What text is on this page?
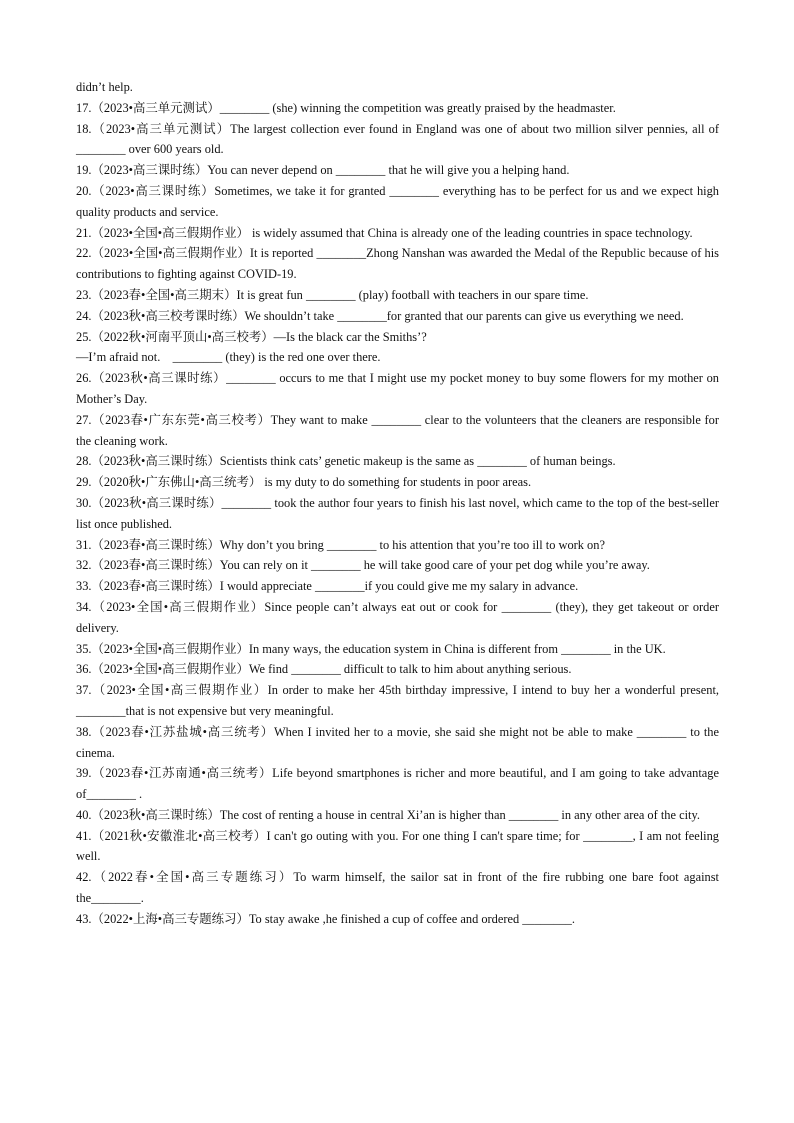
didn’t help.

17.（2023•高三单元测试）________ (she) winning the competition was greatly praised by the headmaster.

18.（2023•高三单元测试）The largest collection ever found in England was one of about two million silver pennies, all of ________ over 600 years old.

19.（2023•高三课时练）You can never depend on ________ that he will give you a helping hand.

20.（2023•高三课时练）Sometimes, we take it for granted ________ everything has to be perfect for us and we expect high quality products and service.

21.（2023•全国•高三假期作业） is widely assumed that China is already one of the leading countries in space technology.

22.（2023•全国•高三假期作业）It is reported ________Zhong Nanshan was awarded the Medal of the Republic because of his contributions to fighting against COVID-19.

23.（2023春•全国•高三期末）It is great fun ________ (play) football with teachers in our spare time.

24.（2023秋•高三校考课时练）We shouldn’t take ________for granted that our parents can give us everything we need.

25.（2022秋•河南平顶山•高三校考）—Is the black car the Smiths’?

—I’m afraid not.    ________ (they) is the red one over there.

26.（2023秋•高三课时练）________ occurs to me that I might use my pocket money to buy some flowers for my mother on Mother’s Day.

27.（2023春•广东东莞•高三校考）They want to make ________ clear to the volunteers that the cleaners are responsible for the cleaning work.

28.（2023秋•高三课时练）Scientists think cats’ genetic makeup is the same as ________ of human beings.

29.（2020秋•广东佛山•高三统考） is my duty to do something for students in poor areas.

30.（2023秋•高三课时练）________ took the author four years to finish his last novel, which came to the top of the best-seller list once published.

31.（2023春•高三课时练）Why don’t you bring ________ to his attention that you’re too ill to work on?

32.（2023春•高三课时练）You can rely on it ________ he will take good care of your pet dog while you’re away.

33.（2023春•高三课时练）I would appreciate ________if you could give me my salary in advance.

34.（2023•全国•高三假期作业）Since people can’t always eat out or cook for ________ (they), they get takeout or order delivery.

35.（2023•全国•高三假期作业）In many ways, the education system in China is different from ________ in the UK.

36.（2023•全国•高三假期作业）We find ________ difficult to talk to him about anything serious.

37.（2023•全国•高三假期作业）In order to make her 45th birthday impressive, I intend to buy her a wonderful present, ________that is not expensive but very meaningful.

38.（2023春•江苏盐城•高三统考）When I invited her to a movie, she said she might not be able to make ________ to the cinema.

39.（2023春•江苏南通•高三统考）Life beyond smartphones is richer and more beautiful, and I am going to take advantage of________ .

40.（2023秋•高三课时练）The cost of renting a house in central Xi’an is higher than ________ in any other area of the city.

41.（2021秋•安徽淮北•高三校考）I can't go outing with you. For one thing I can't spare time; for ________, I am not feeling well.

42.（2022春•全国•高三专题练习）To warm himself, the sailor sat in front of the fire rubbing one bare foot against the________.

43.（2022•上海•高三专题练习）To stay awake ,he finished a cup of coffee and ordered ________.
